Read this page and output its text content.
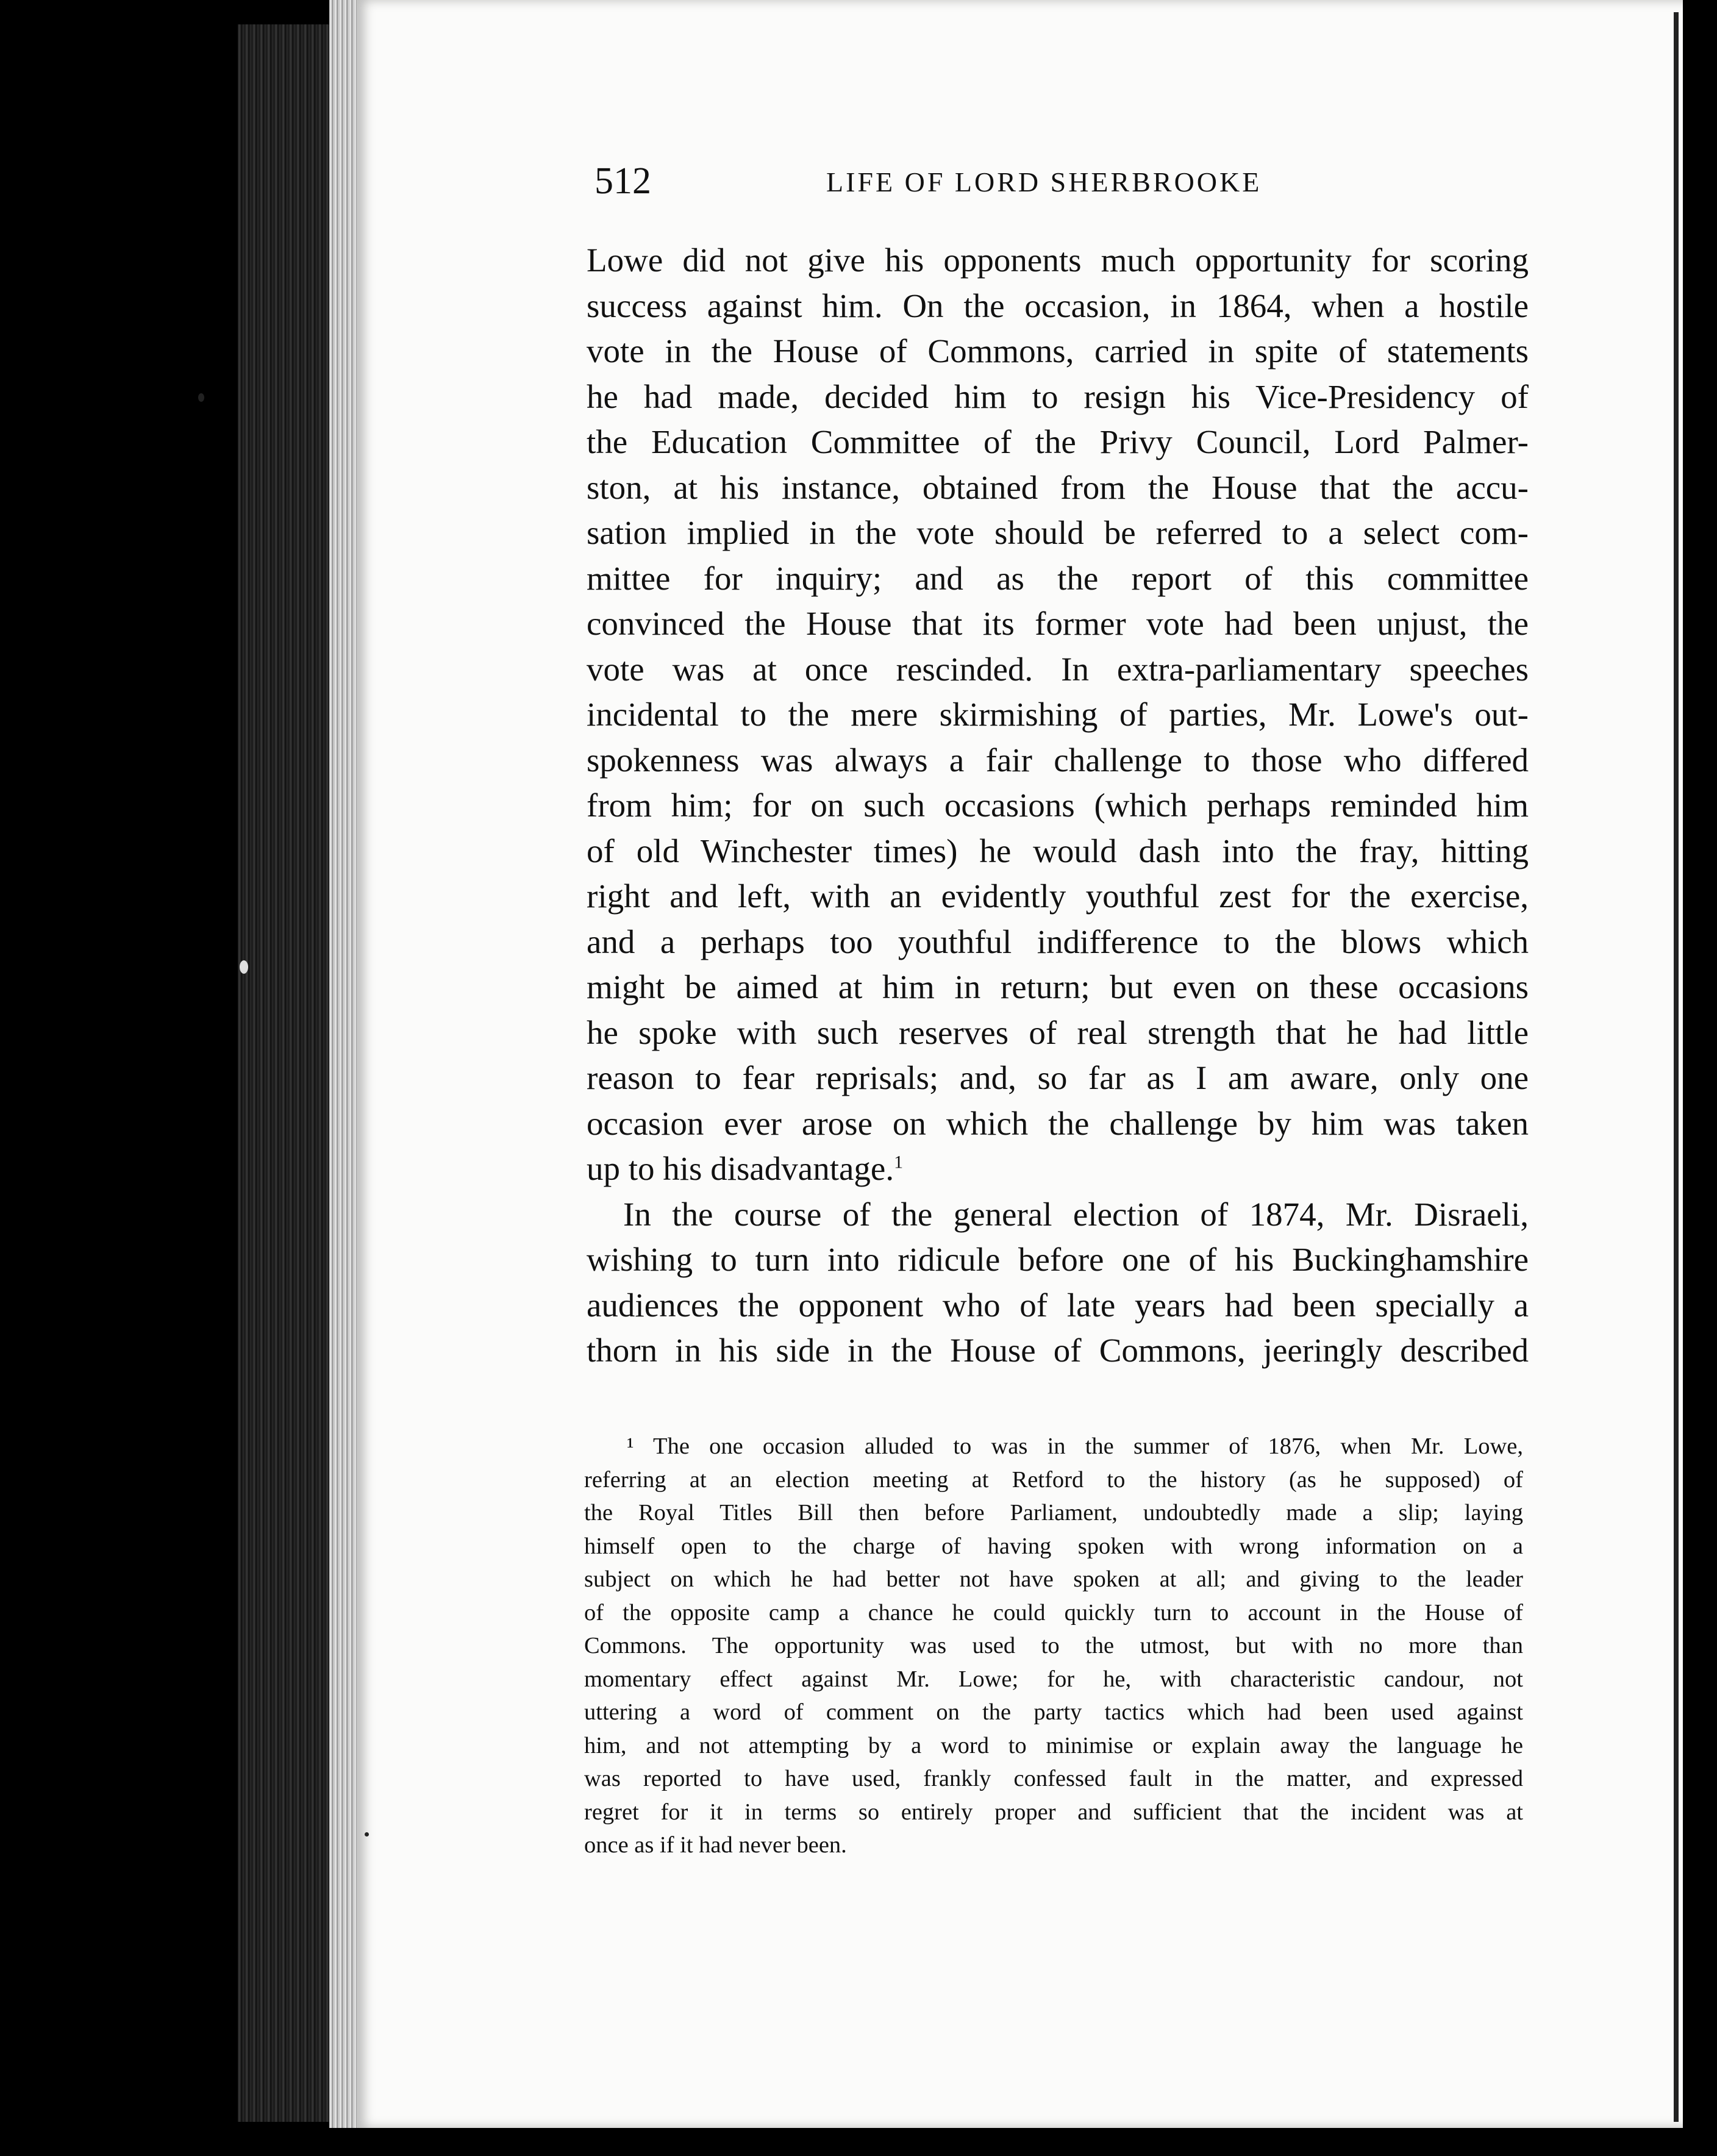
512	LIFE OF LORD SHERBROOKE
Lowe did not give his opponents much opportunity for scoring
success against him. On the occasion, in 1864, when a hostile
vote in the House of Commons, carried in spite of statements
he had made, decided him to resign his Vice-Presidency of
the Education Committee of the Privy Council, Lord Palmer-
ston, at his instance, obtained from the House that the accu-
sation implied in the vote should be referred to a select com-
mittee for inquiry; and as the report of this committee
convinced the House that its former vote had been unjust, the
vote was at once rescinded. In extra-parliamentary speeches
incidental to the mere skirmishing of parties, Mr. Lowe's out-
spokenness was always a fair challenge to those who differed
from him; for on such occasions (which perhaps reminded him
of old Winchester times) he would dash into the fray, hitting
right and left, with an evidently youthful zest for the exercise,
and a perhaps too youthful indifference to the blows which
might be aimed at him in return; but even on these occasions
he spoke with such reserves of real strength that he had little
reason to fear reprisals; and, so far as I am aware, only one
occasion ever arose on which the challenge by him was taken
up to his disadvantage.$^1$
In the course of the general election of 1874, Mr. Disraeli,
wishing to turn into ridicule before one of his Buckinghamshire
audiences the opponent who of late years had been specially a
thorn in his side in the House of Commons, jeeringly described
¹ The one occasion alluded to was in the summer of 1876, when Mr. Lowe,
referring at an election meeting at Retford to the history (as he supposed) of
the Royal Titles Bill then before Parliament, undoubtedly made a slip; laying
himself open to the charge of having spoken with wrong information on a
subject on which he had better not have spoken at all; and giving to the leader
of the opposite camp a chance he could quickly turn to account in the House of
Commons. The opportunity was used to the utmost, but with no more than
momentary effect against Mr. Lowe; for he, with characteristic candour, not
uttering a word of comment on the party tactics which had been used against
him, and not attempting by a word to minimise or explain away the language he
was reported to have used, frankly confessed fault in the matter, and expressed
regret for it in terms so entirely proper and sufficient that the incident was at
once as if it had never been.
